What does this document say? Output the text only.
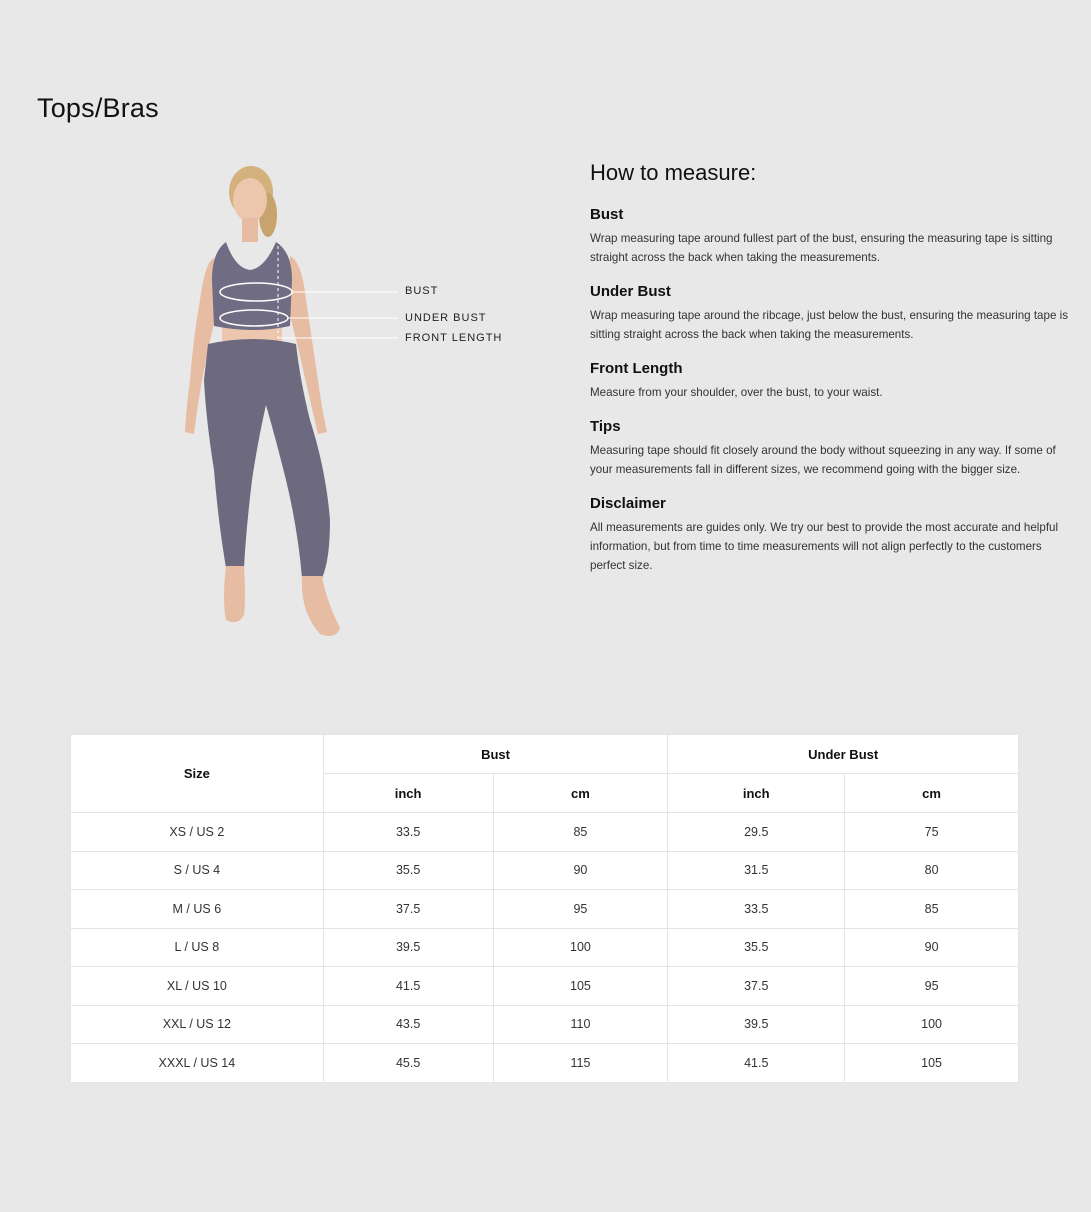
Tops/Bras
BUST
UNDER BUST
FRONT LENGTH
How to measure:
Bust
Wrap measuring tape around fullest part of the bust, ensuring the measuring tape is sitting straight across the back when taking the measurements.
Under Bust
Wrap measuring tape around the ribcage, just below the bust, ensuring the measuring tape is sitting straight across the back when taking the measurements.
Front Length
Measure from your shoulder, over the bust, to your waist.
Tips
Measuring tape should fit closely around the body without squeezing in any way. If some of your measurements fall in different sizes, we recommend going with the bigger size.
Disclaimer
All measurements are guides only. We try our best to provide the most accurate and helpful information, but from time to time measurements will not align perfectly to the customers perfect size.
Size	Bust		Under Bust	
	inch	cm	inch	cm
XS / US 2	33.5	85	29.5	75
S / US 4	35.5	90	31.5	80
M / US 6	37.5	95	33.5	85
L / US 8	39.5	100	35.5	90
XL / US 10	41.5	105	37.5	95
XXL / US 12	43.5	110	39.5	100
XXXL / US 14	45.5	115	41.5	105
